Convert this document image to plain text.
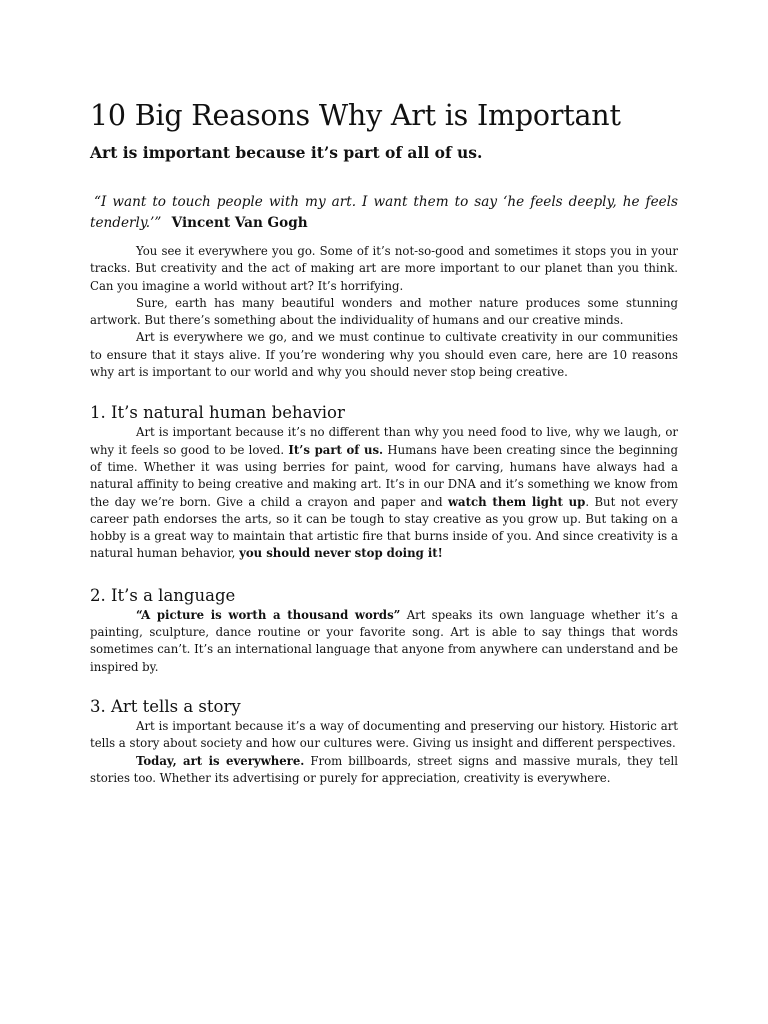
10 Big Reasons Why Art is Important

Art is important because it’s part of all of us.

“I want to touch people with my art. I want them to say ‘he feels deeply, he feels tenderly.’” Vincent Van Gogh

You see it everywhere you go. Some of it’s not-so-good and sometimes it stops you in your tracks. But creativity and the act of making art are more important to our planet than you think. Can you imagine a world without art? It’s horrifying.

Sure, earth has many beautiful wonders and mother nature produces some stunning artwork. But there’s something about the individuality of humans and our creative minds.

Art is everywhere we go, and we must continue to cultivate creativity in our communities to ensure that it stays alive. If you’re wondering why you should even care, here are 10 reasons why art is important to our world and why you should never stop being creative.

1. It’s natural human behavior

Art is important because it’s no different than why you need food to live, why we laugh, or why it feels so good to be loved. It’s part of us. Humans have been creating since the beginning of time. Whether it was using berries for paint, wood for carving, humans have always had a natural affinity to being creative and making art. It’s in our DNA and it’s something we know from the day we’re born. Give a child a crayon and paper and watch them light up. But not every career path endorses the arts, so it can be tough to stay creative as you grow up. But taking on a hobby is a great way to maintain that artistic fire that burns inside of you. And since creativity is a natural human behavior, you should never stop doing it!

2. It’s a language

“A picture is worth a thousand words” Art speaks its own language whether it’s a painting, sculpture, dance routine or your favorite song. Art is able to say things that words sometimes can’t. It’s an international language that anyone from anywhere can understand and be inspired by.

3. Art tells a story

Art is important because it’s a way of documenting and preserving our history. Historic art tells a story about society and how our cultures were. Giving us insight and different perspectives.

Today, art is everywhere. From billboards, street signs and massive murals, they tell stories too. Whether its advertising or purely for appreciation, creativity is everywhere.
